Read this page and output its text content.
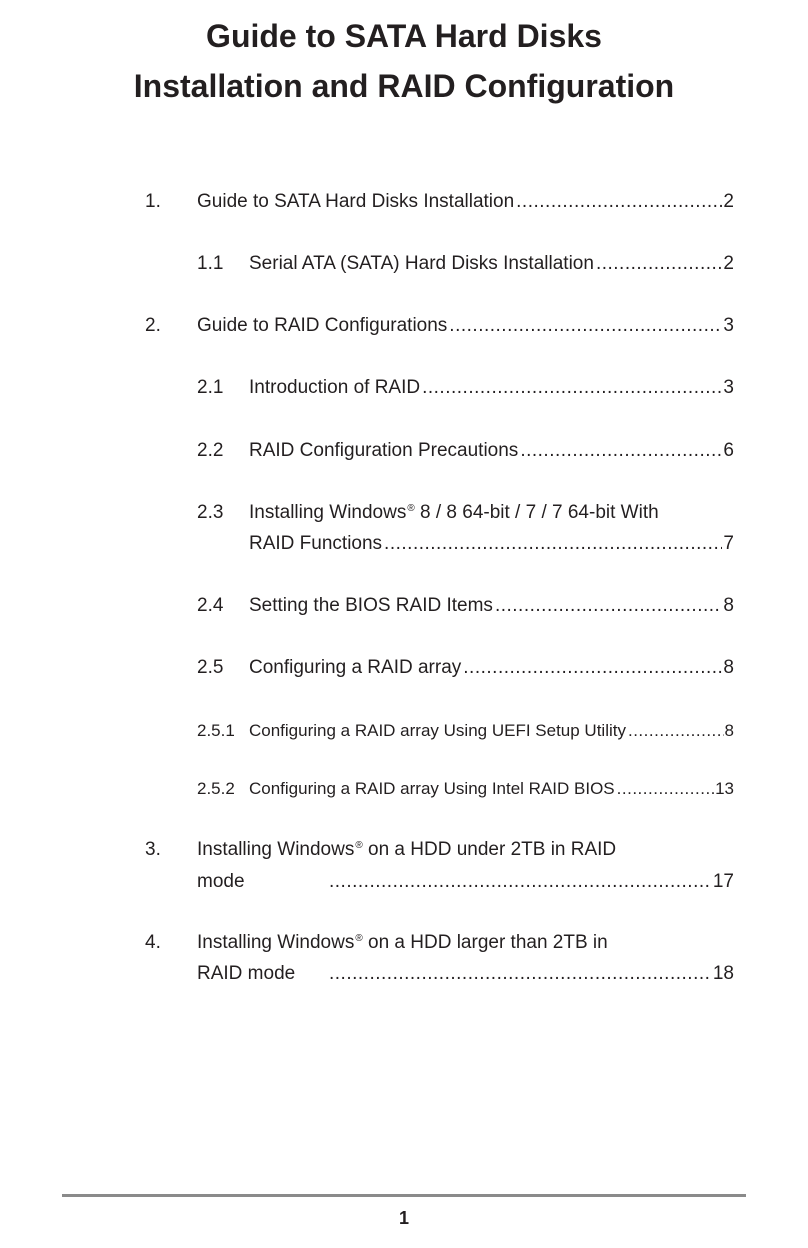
Guide to SATA Hard Disks
Installation and RAID Configuration
1. Guide to SATA Hard Disks Installation .....	2
1.1 Serial ATA (SATA) Hard Disks Installation .....	2
2. Guide to RAID Configurations .....	3
2.1 Introduction of RAID .....	3
2.2 RAID Configuration Precautions .....	6
2.3 Installing Windows® 8 / 8 64-bit / 7 / 7 64-bit With
RAID Functions .....	7
2.4 Setting the BIOS RAID Items .....	8
2.5 Configuring a RAID array .....	8
2.5.1 Configuring a RAID array Using UEFI Setup Utility .....	8
2.5.2 Configuring a RAID array Using Intel RAID BIOS .....	13
3. Installing Windows® on a HDD under 2TB in RAID
mode .....	17
4. Installing Windows® on a HDD larger than 2TB in
RAID mode .....	18
1
